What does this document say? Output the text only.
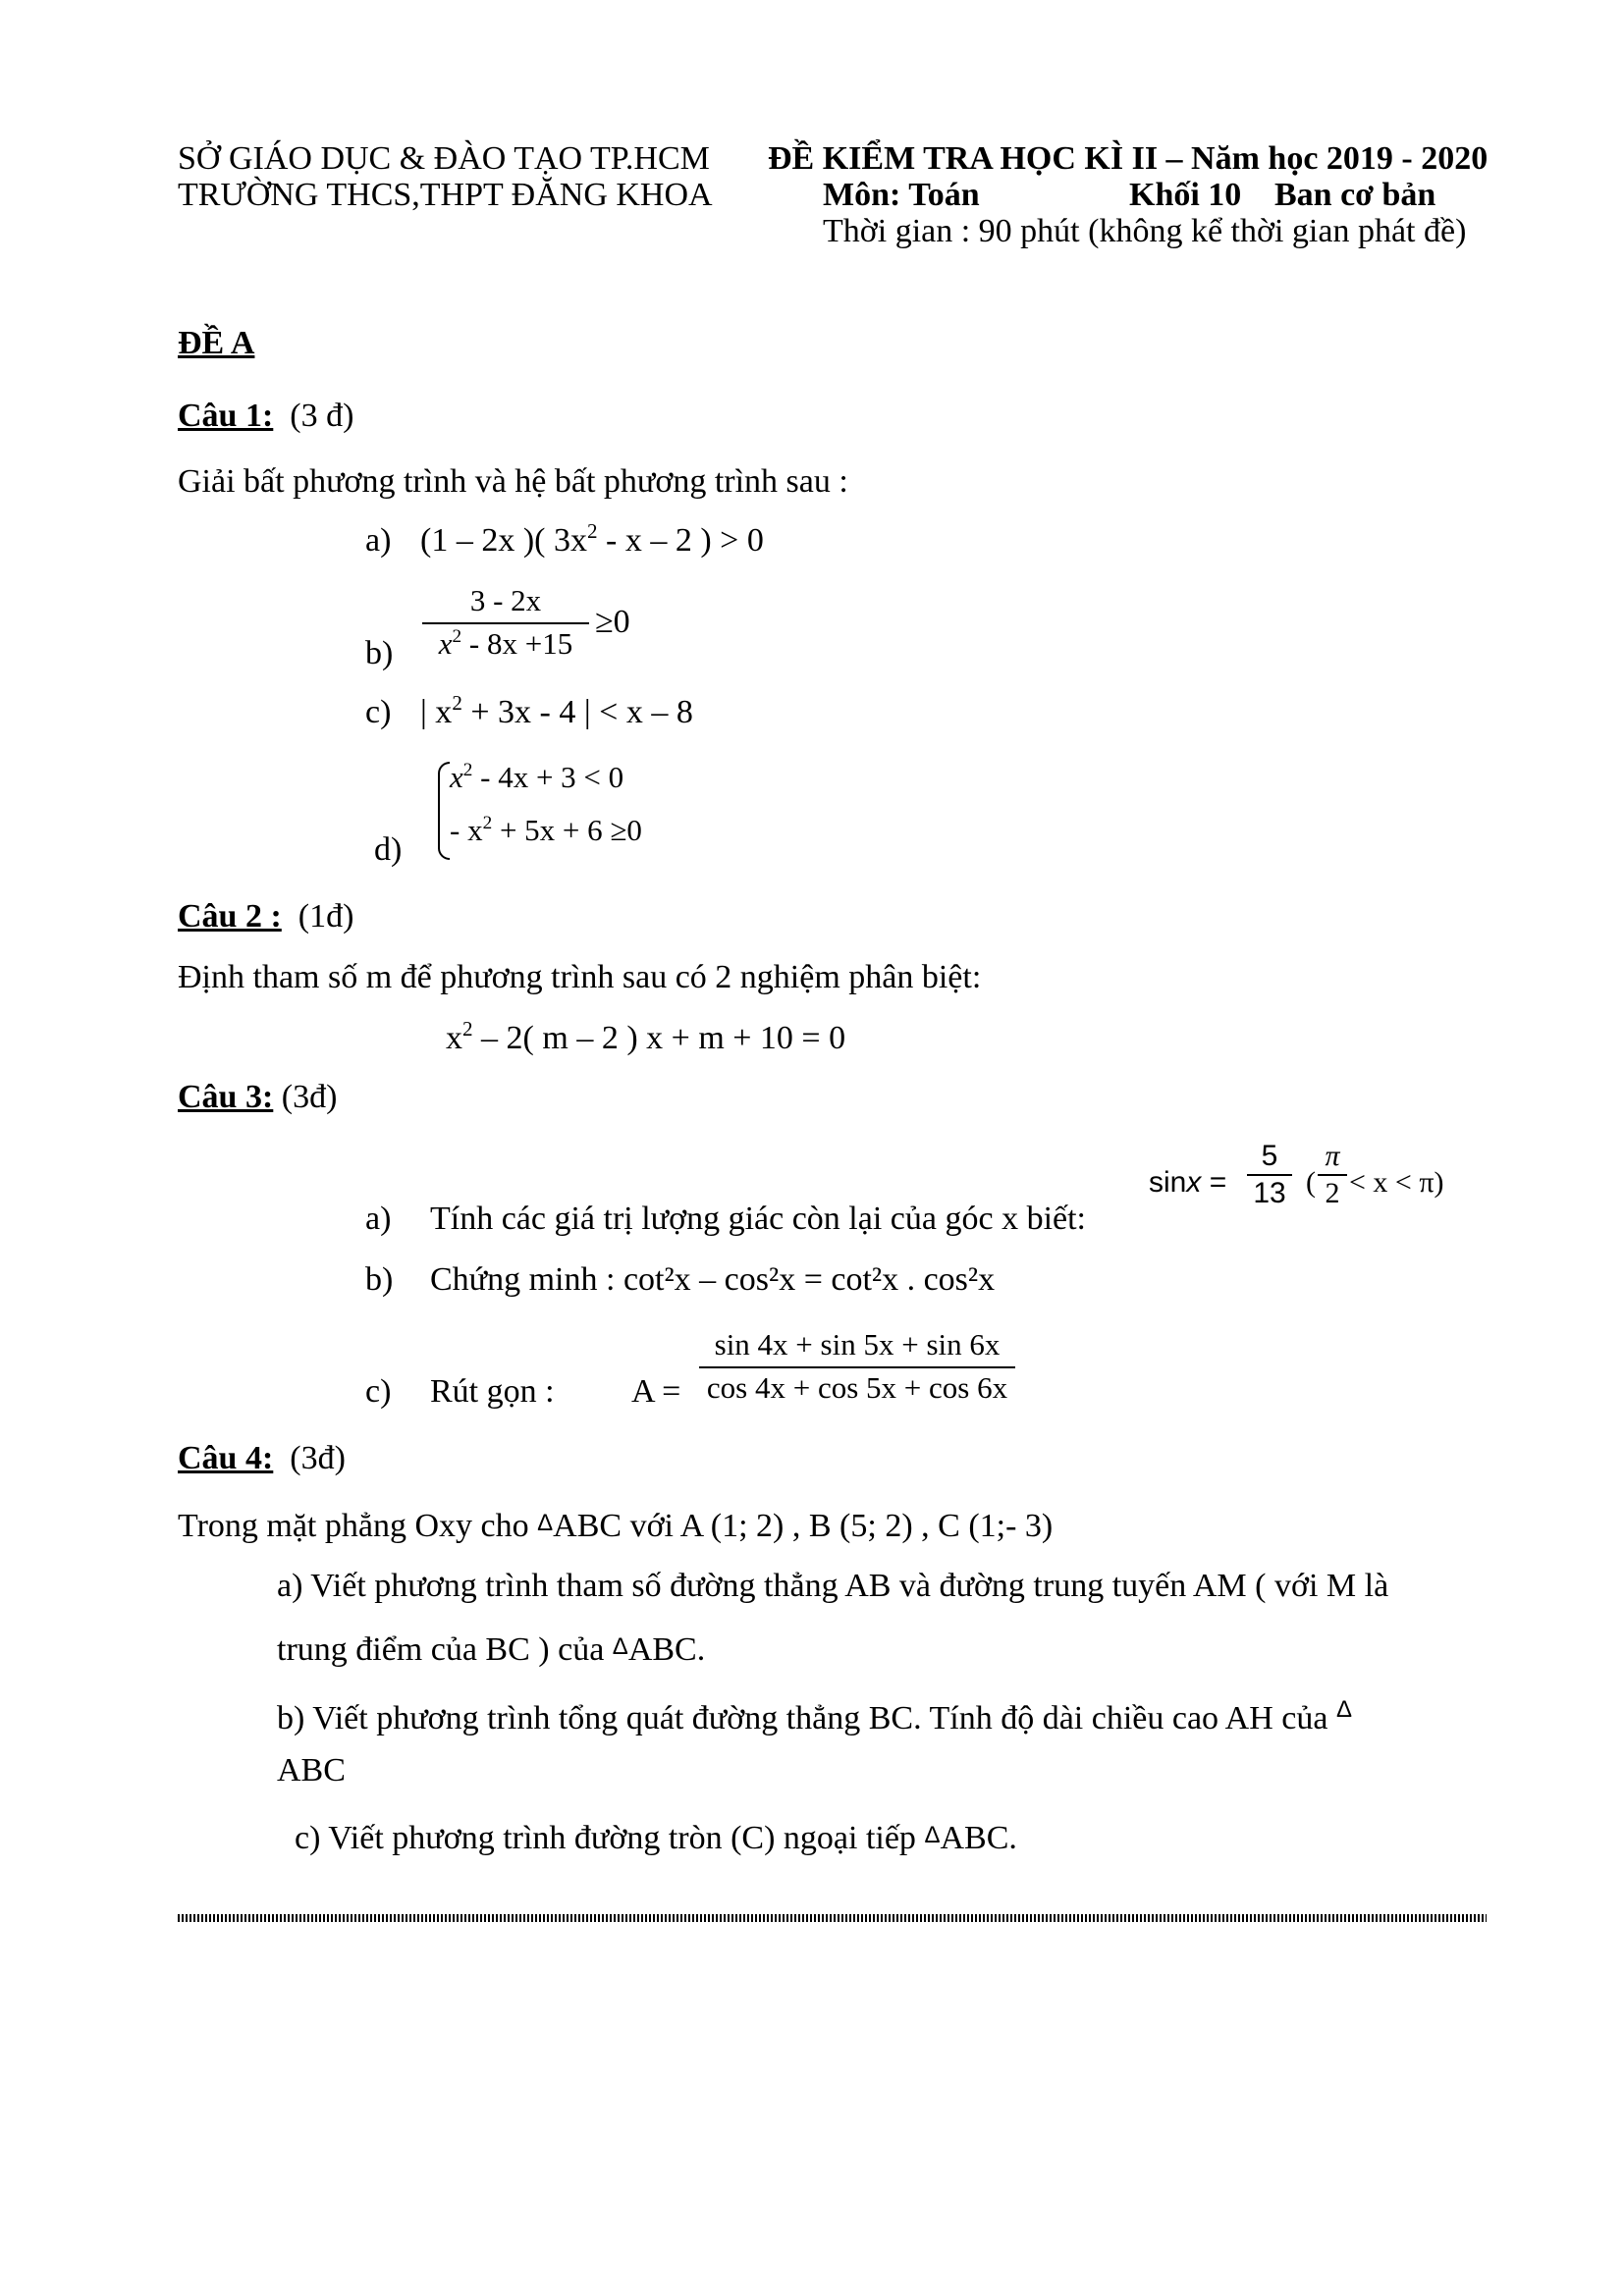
SỞ GIÁO DỤC & ĐÀO TẠO TP.HCM
TRƯỜNG THCS,THPT ĐĂNG KHOA
ĐỀ KIỂM TRA HỌC KÌ II – Năm học 2019 - 2020
Môn: Toán	Khối 10 Ban cơ bản
Thời gian : 90 phút (không kể thời gian phát đề)
ĐỀ A
Câu 1: (3 đ)
Giải bất phương trình và hệ bất phương trình sau :
a) (1 – 2x )( $3x^2$ - x – 2 ) > 0
3 - 2x
$x^2 - 8x +15$
≥0
b)
c) | $x^2 + 3x - 4$ | < x – 8
$x^2 - 4x + 3 < 0$
- $x^2 + 5x + 6 \ge 0$
d)
Câu 2 : (1đ)
Định tham số m để phương trình sau có 2 nghiệm phân biệt:
$x^2 - 2$( m – 2 ) x + m + 10 = 0
Câu 3: (3đ)
a) Tính các giá trị lượng giác còn lại của góc x biết:
sinx =
5
13 (
π
2 < x < π)
b) Chứng minh : cot²x – cos²x = cot²x . cos²x
c) Rút gọn : A =
sin 4x + sin 5x + sin 6x
cos 4x + cos 5x + cos 6x
Câu 4: (3đ)
Trong mặt phẳng Oxy cho ΔABC với A (1; 2) , B (5; 2) , C (1;- 3)
a) Viết phương trình tham số đường thẳng AB và đường trung tuyến AM ( với M là
trung điểm của BC ) của ΔABC.
b) Viết phương trình tổng quát đường thẳng BC. Tính độ dài chiều cao AH của $^\Delta$
ABC
c) Viết phương trình đường tròn (C) ngoại tiếp ΔABC.
